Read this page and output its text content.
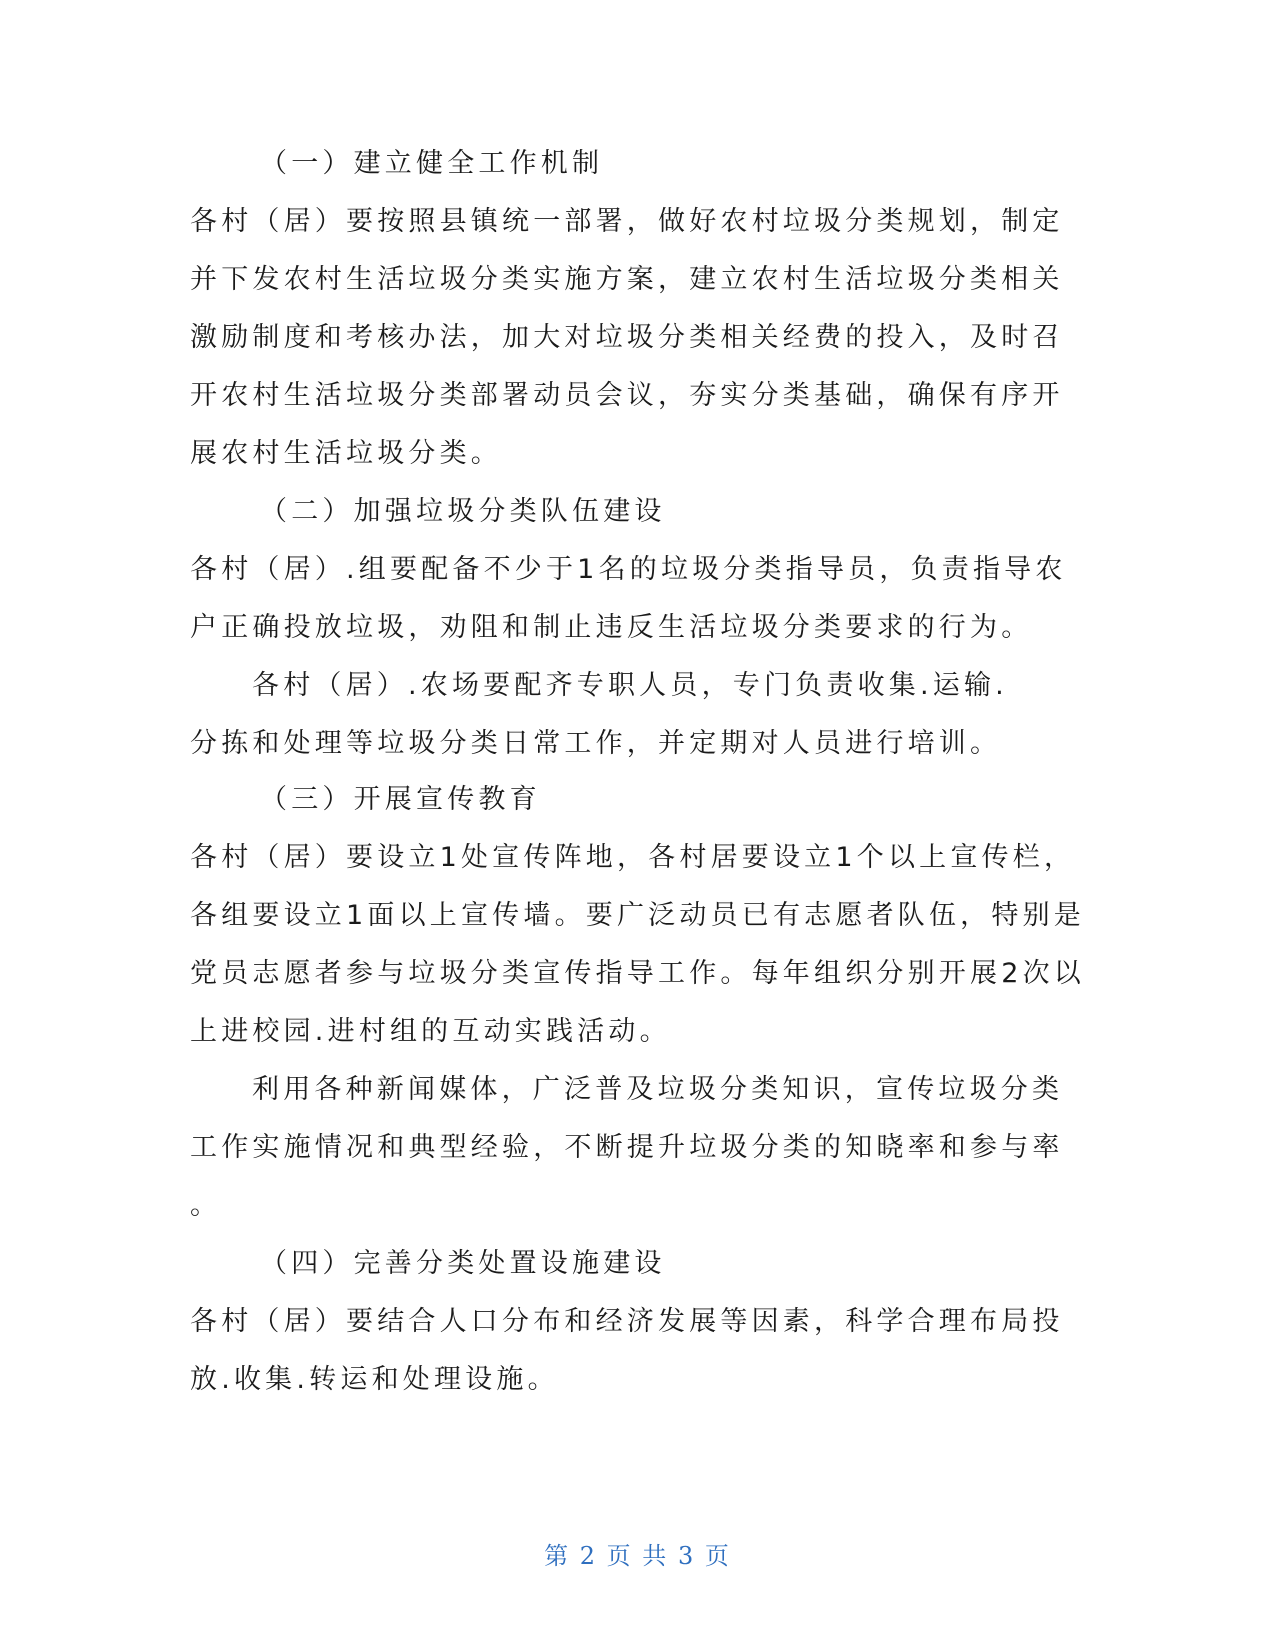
（一）建立健全工作机制

各村（居）要按照县镇统一部署，做好农村垃圾分类规划，制定

并下发农村生活垃圾分类实施方案，建立农村生活垃圾分类相关

激励制度和考核办法，加大对垃圾分类相关经费的投入，及时召

开农村生活垃圾分类部署动员会议，夯实分类基础，确保有序开

展农村生活垃圾分类。

（二）加强垃圾分类队伍建设

各村（居）.组要配备不少于1名的垃圾分类指导员，负责指导农

户正确投放垃圾，劝阻和制止违反生活垃圾分类要求的行为。

各村（居）.农场要配齐专职人员，专门负责收集.运输.

分拣和处理等垃圾分类日常工作，并定期对人员进行培训。

（三）开展宣传教育

各村（居）要设立1处宣传阵地，各村居要设立1个以上宣传栏，

各组要设立1面以上宣传墙。要广泛动员已有志愿者队伍，特别是

党员志愿者参与垃圾分类宣传指导工作。每年组织分别开展2次以

上进校园.进村组的互动实践活动。

利用各种新闻媒体，广泛普及垃圾分类知识，宣传垃圾分类

工作实施情况和典型经验，不断提升垃圾分类的知晓率和参与率

。

（四）完善分类处置设施建设

各村（居）要结合人口分布和经济发展等因素，科学合理布局投

放.收集.转运和处理设施。

第 2 页 共 3 页
